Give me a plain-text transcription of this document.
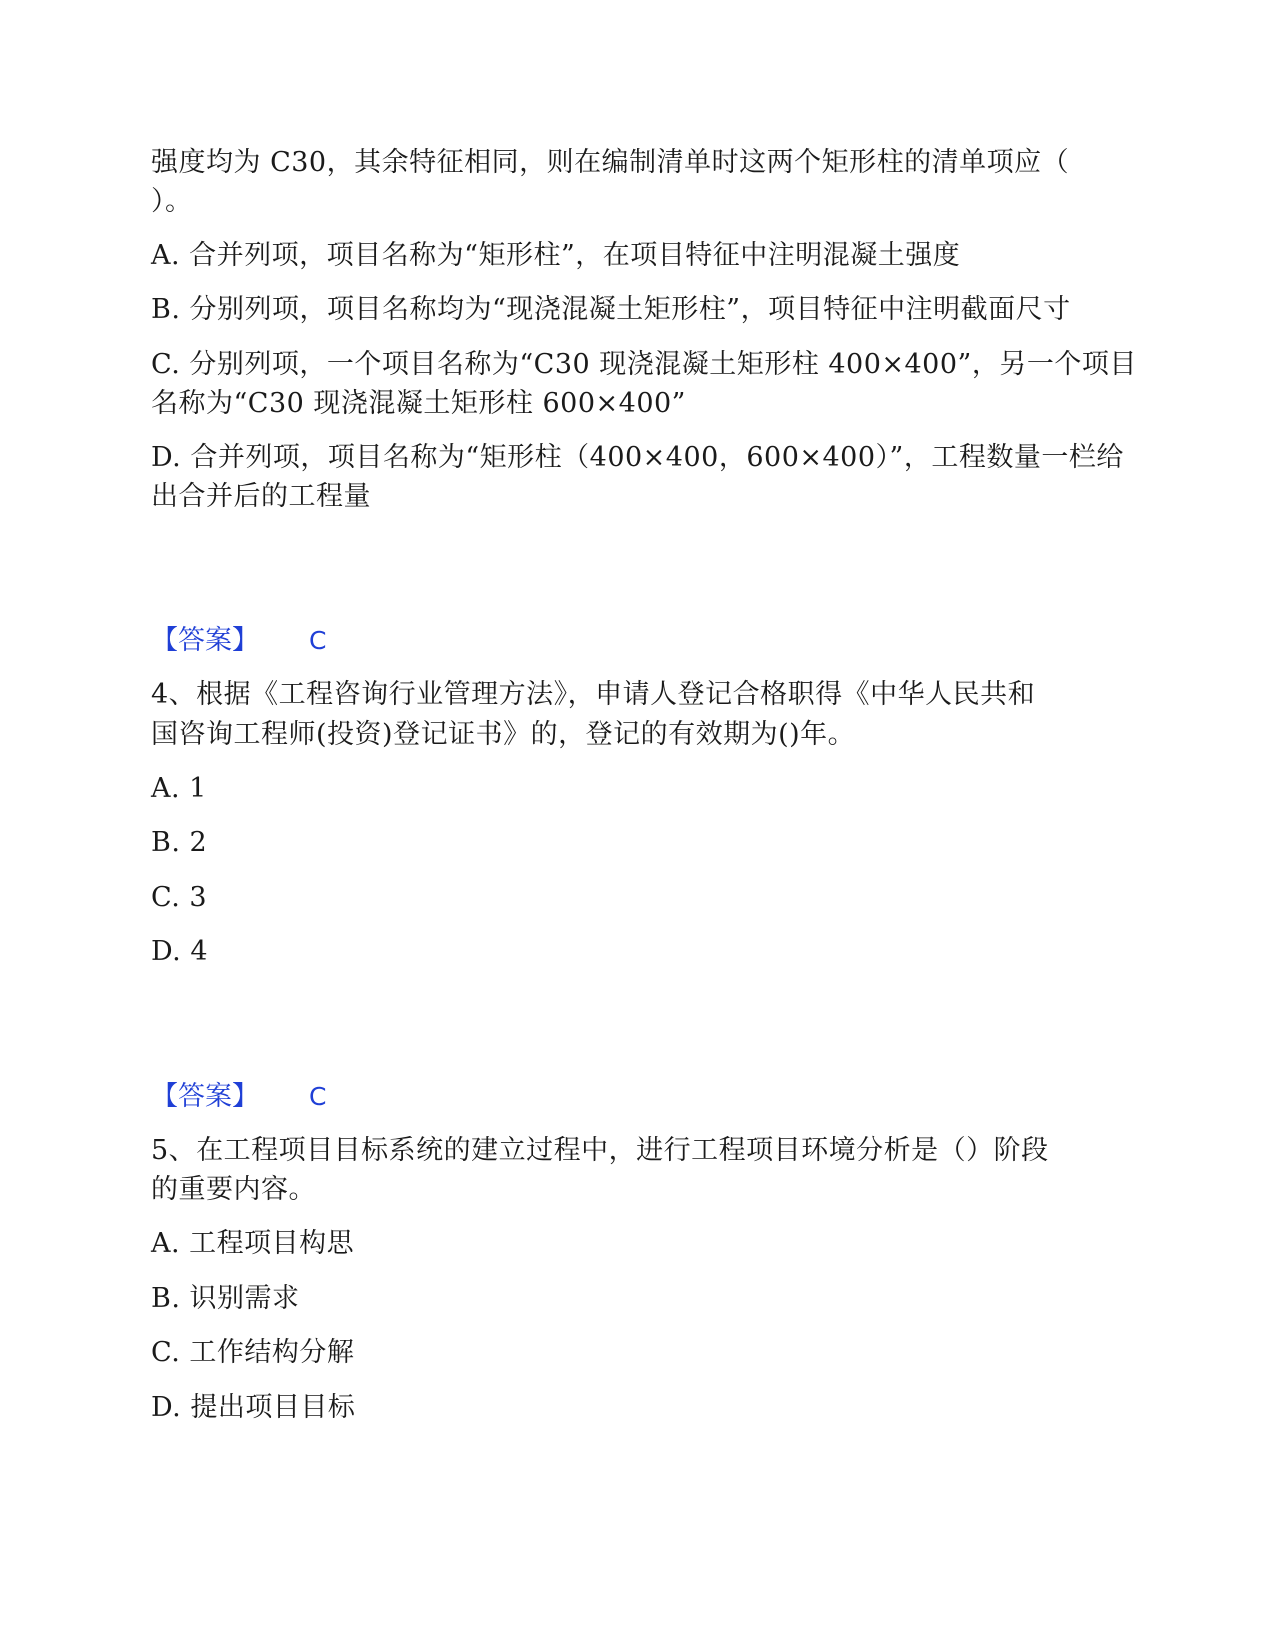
强度均为 C30，其余特征相同，则在编制清单时这两个矩形柱的清单项应（
）。
A. 合并列项，项目名称为“矩形柱”，在项目特征中注明混凝土强度
B. 分别列项，项目名称均为“现浇混凝土矩形柱”，项目特征中注明截面尺寸
C. 分别列项，一个项目名称为“C30 现浇混凝土矩形柱 400×400”，另一个项目
名称为“C30 现浇混凝土矩形柱 600×400”
D. 合并列项，项目名称为“矩形柱（400×400，600×400）”，工程数量一栏给
出合并后的工程量
【答案】 C
4、根据《工程咨询行业管理方法》，申请人登记合格职得《中华人民共和
国咨询工程师(投资)登记证书》的，登记的有效期为()年。
A. 1
B. 2
C. 3
D. 4
【答案】 C
5、在工程项目目标系统的建立过程中，进行工程项目环境分析是（）阶段
的重要内容。
A. 工程项目构思
B. 识别需求
C. 工作结构分解
D. 提出项目目标
